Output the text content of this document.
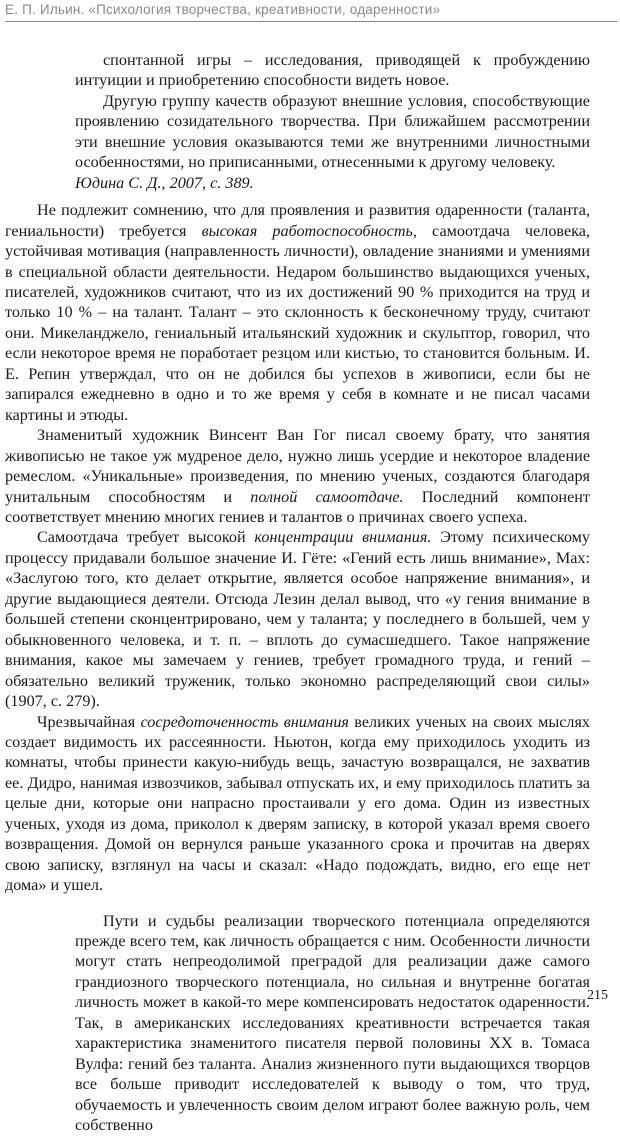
Е. П. Ильин. «Психология творчества, креативности, одаренности»

спонтанной игры – исследования, приводящей к пробуждению интуиции и приобретению способности видеть новое.

Другую группу качеств образуют внешние условия, способствующие проявлению созидательного творчества. При ближайшем рассмотрении эти внешние условия оказываются теми же внутренними личностными особенностями, но приписанными, отнесенными к другому человеку.

Юдина С. Д., 2007, с. 389.

Не подлежит сомнению, что для проявления и развития одаренности (таланта, гениальности) требуется высокая работоспособность, самоотдача человека, устойчивая мотивация (направленность личности), овладение знаниями и умениями в специальной области деятельности. Недаром большинство выдающихся ученых, писателей, художников считают, что из их достижений 90 % приходится на труд и только 10 % – на талант. Талант – это склонность к бесконечному труду, считают они. Микеланджело, гениальный итальянский художник и скульптор, говорил, что если некоторое время не поработает резцом или кистью, то становится больным. И. Е. Репин утверждал, что он не добился бы успехов в живописи, если бы не запирался ежедневно в одно и то же время у себя в комнате и не писал часами картины и этюды.

Знаменитый художник Винсент Ван Гог писал своему брату, что занятия живописью не такое уж мудреное дело, нужно лишь усердие и некоторое владение ремеслом. «Уникальные» произведения, по мнению ученых, создаются благодаря унитальным способностям и полной самоотдаче. Последний компонент соответствует мнению многих гениев и талантов о причинах своего успеха.

Самоотдача требует высокой концентрации внимания. Этому психическому процессу придавали большое значение И. Гёте: «Гений есть лишь внимание», Мах: «Заслугою того, кто делает открытие, является особое напряжение внимания», и другие выдающиеся деятели. Отсюда Лезин делал вывод, что «у гения внимание в большей степени сконцентрировано, чем у таланта; у последнего в большей, чем у обыкновенного человека, и т. п. – вплоть до сумасшедшего. Такое напряжение внимания, какое мы замечаем у гениев, требует громадного труда, и гений – обязательно великий труженик, только экономно распределяющий свои силы» (1907, с. 279).

Чрезвычайная сосредоточенность внимания великих ученых на своих мыслях создает видимость их рассеянности. Ньютон, когда ему приходилось уходить из комнаты, чтобы принести какую-нибудь вещь, зачастую возвращался, не захватив ее. Дидро, нанимая извозчиков, забывал отпускать их, и ему приходилось платить за целые дни, которые они напрасно простаивали у его дома. Один из известных ученых, уходя из дома, приколол к дверям записку, в которой указал время своего возвращения. Домой он вернулся раньше указанного срока и прочитав на дверях свою записку, взглянул на часы и сказал: «Надо подождать, видно, его еще нет дома» и ушел.

Пути и судьбы реализации творческого потенциала определяются прежде всего тем, как личность обращается с ним. Особенности личности могут стать непреодолимой преградой для реализации даже самого грандиозного творческого потенциала, но сильная и внутренне богатая личность может в какой-то мере компенсировать недостаток одаренности. Так, в американских исследованиях креативности встречается такая характеристика знаменитого писателя первой половины XX в. Томаса Вулфа: гений без таланта. Анализ жизненного пути выдающихся творцов все больше приводит исследователей к выводу о том, что труд, обучаемость и увлеченность своим делом играют более важную роль, чем собственно

215
